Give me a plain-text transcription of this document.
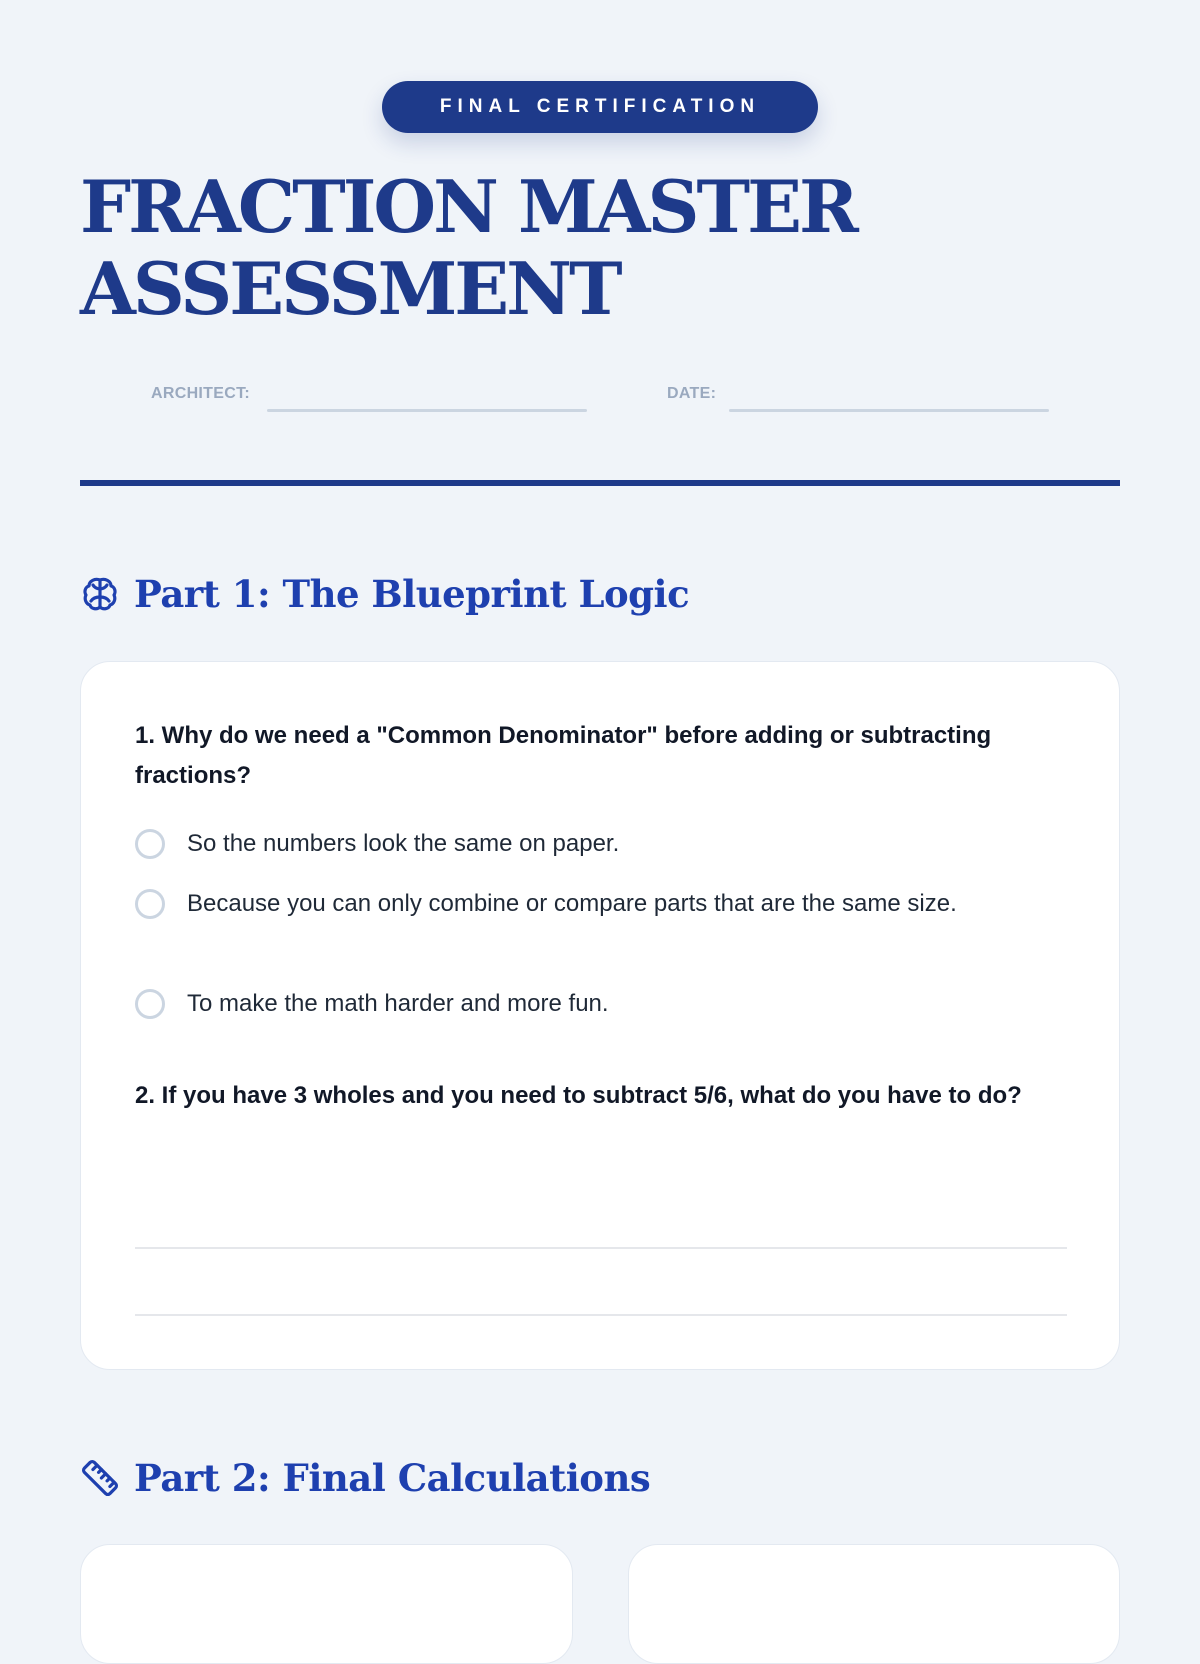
FINAL CERTIFICATION
FRACTION MASTER
ASSESSMENT
ARCHITECT:	DATE:
Part 1: The Blueprint Logic

1. Why do we need a "Common Denominator" before adding or subtracting fractions?

So the numbers look the same on paper.
Because you can only combine or compare parts that are the same size.
To make the math harder and more fun.

2. If you have 3 wholes and you need to subtract 5/6, what do you have to do?

Part 2: Final Calculations
